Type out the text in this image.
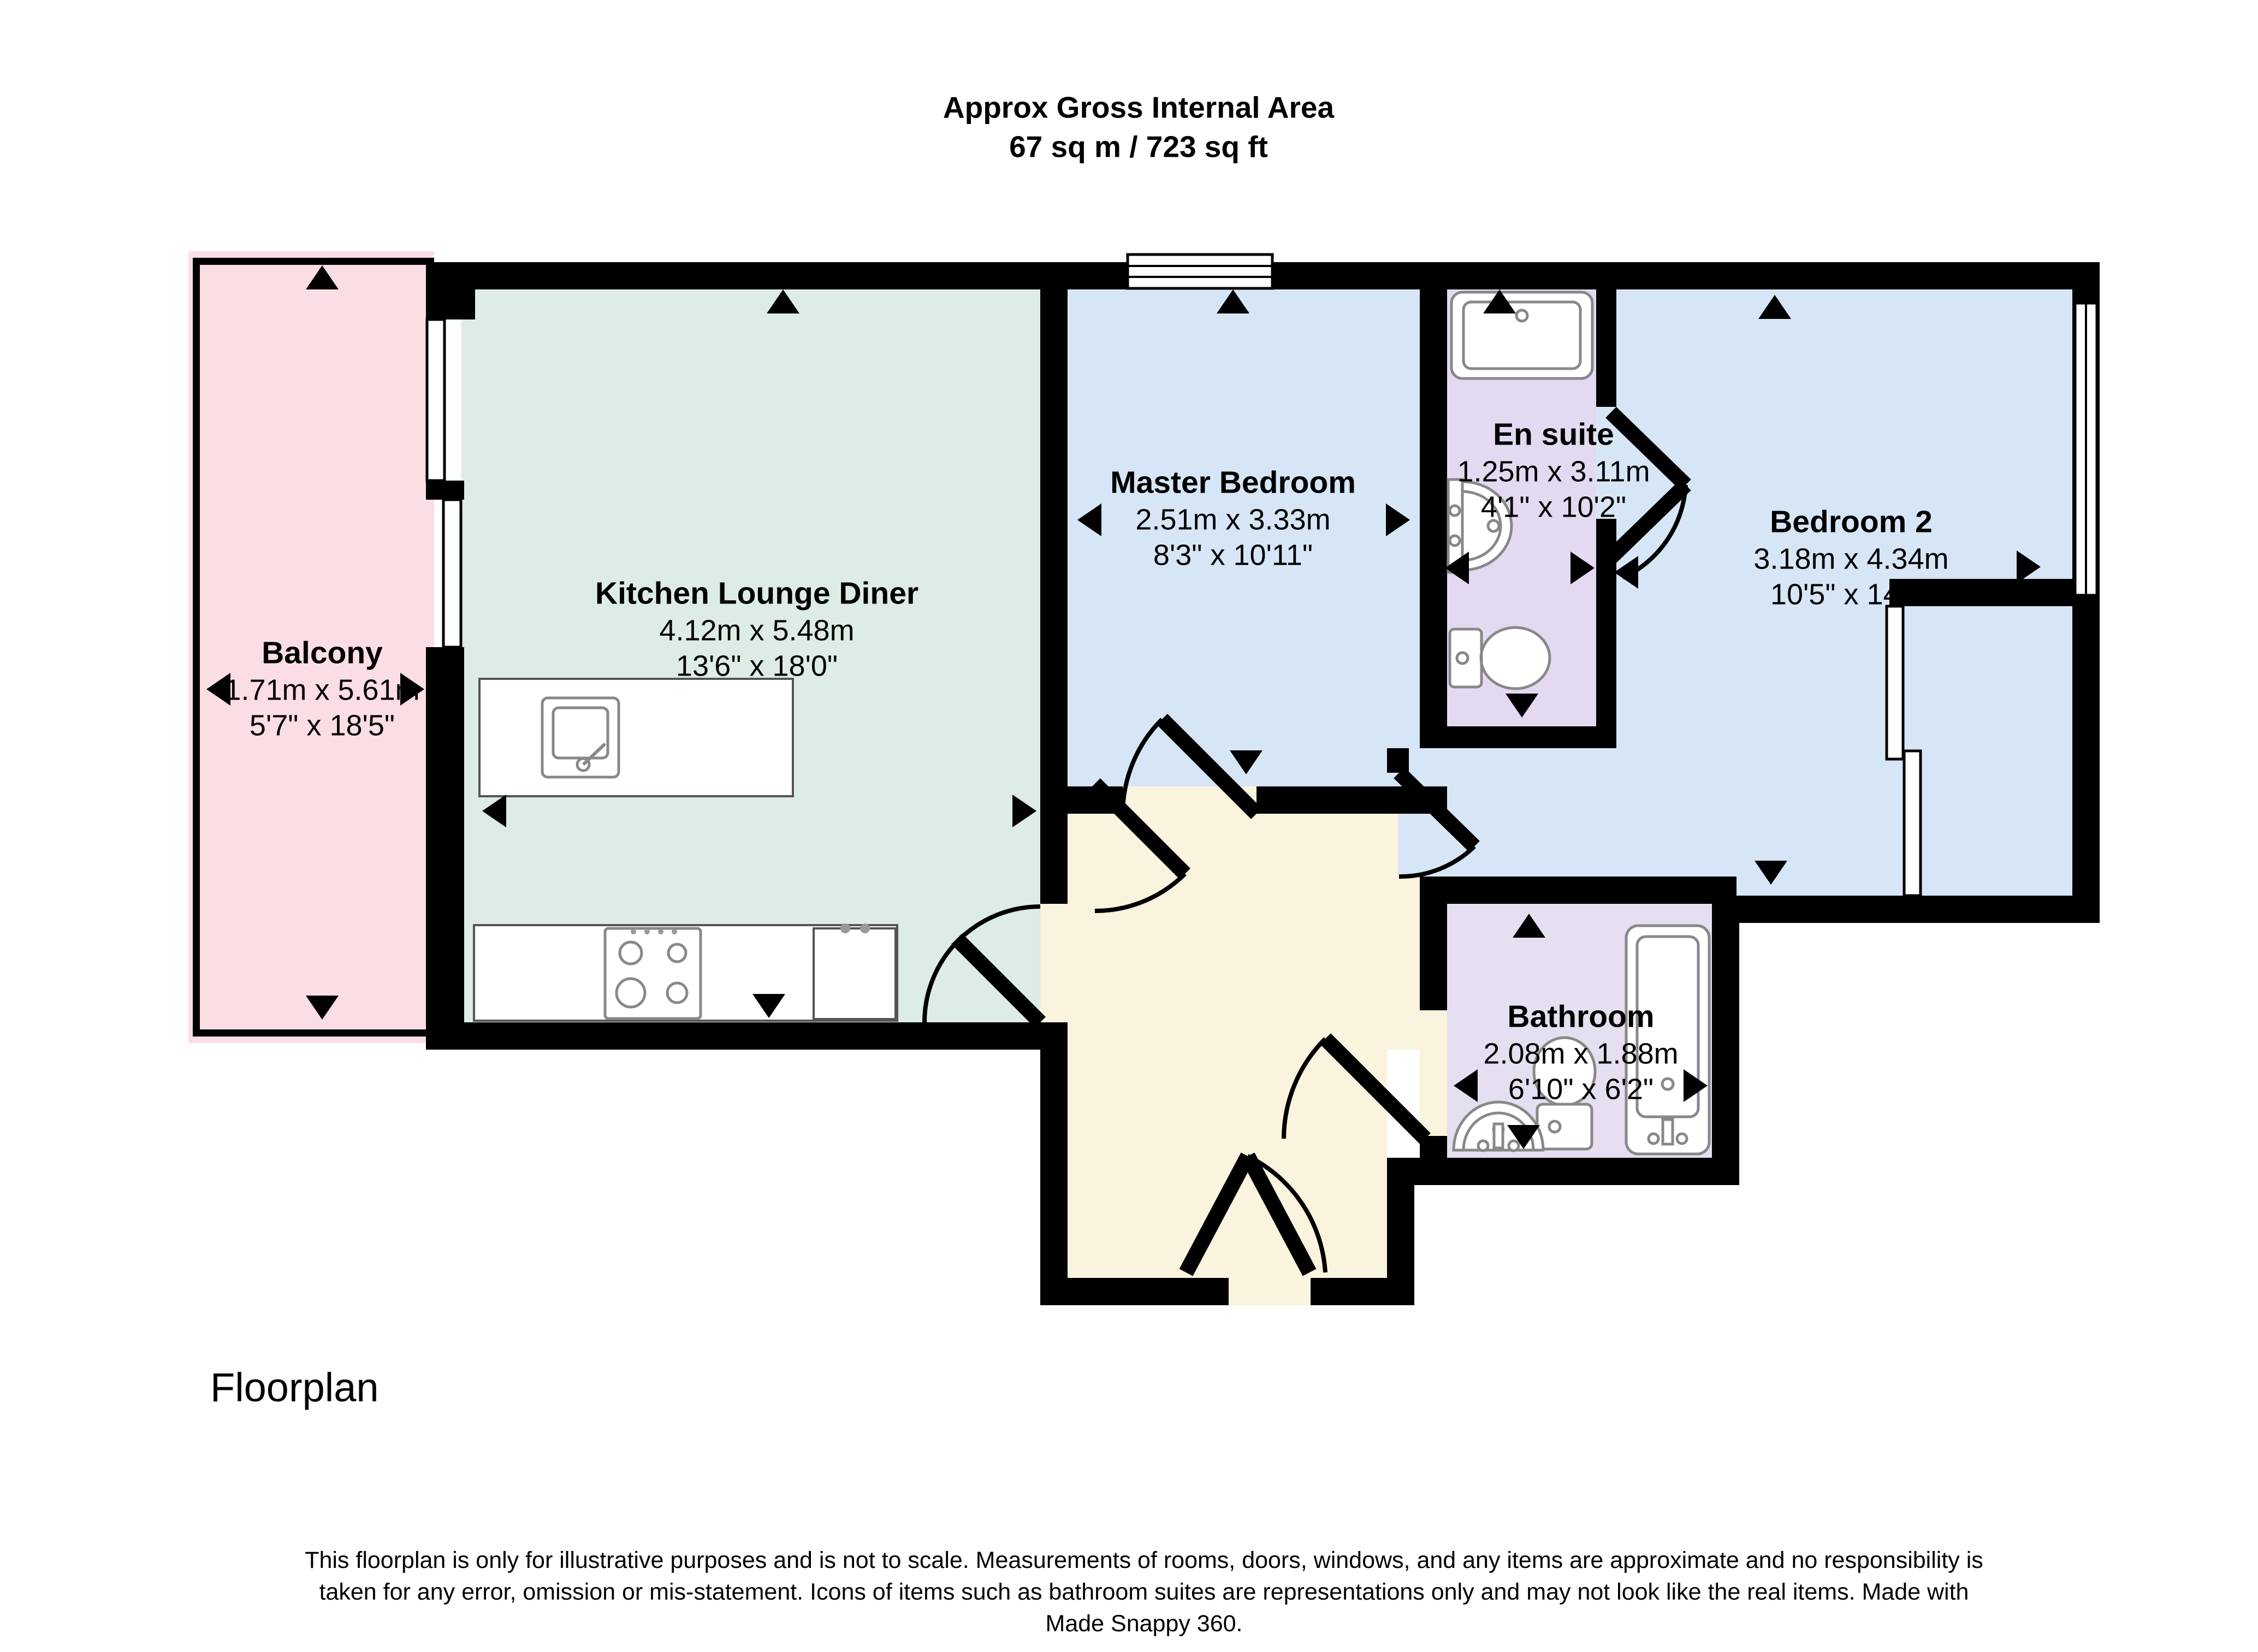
Approx Gross Internal Area
67 sq m / 723 sq ft
Balcony
1.71m x 5.61m
5'7" x 18'5"
Kitchen Lounge Diner
4.12m x 5.48m
13'6" x 18'0"
Master Bedroom
2.51m x 3.33m
8'3" x 10'11"
En suite
1.25m x 3.11m
4'1" x 10'2"	Bedroom 2
3.18m x 4.34m
10'5" x 14'3"
Bathroom
2.08m x 1.88m
6'10" x 6'2"
Floorplan
This floorplan is only for illustrative purposes and is not to scale. Measurements of rooms, doors, windows, and any items are approximate and no responsibility is taken for any error, omission or mis-statement. Icons of items such as bathroom suites are representations only and may not look like the real items. Made with Made Snappy 360.
